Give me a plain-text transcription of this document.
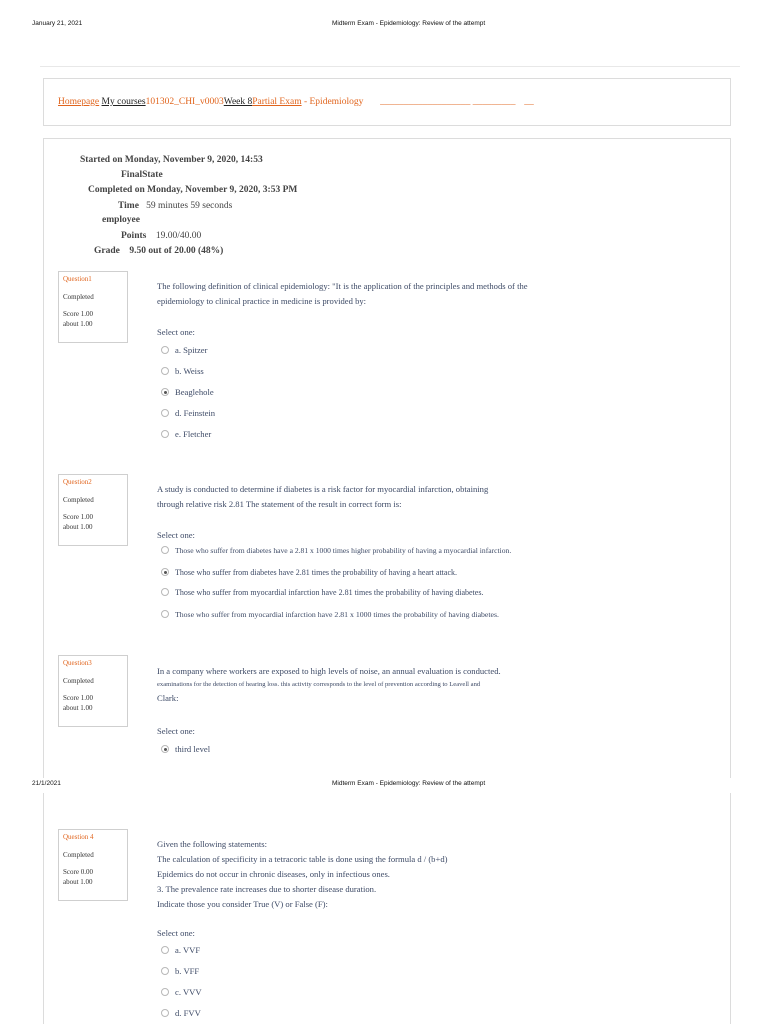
January 21, 2021	Midterm Exam - Epidemiology: Review of the attempt
Homepage My courses101302_CHI_v0003Week 8Partial Exam - Epidemiology ___________________ _________ __
Started on Monday, November 9, 2020, 14:53
FinalState
Completed on Monday, November 9, 2020, 3:53 PM
Time 59 minutes 59 seconds
employee
Points 19.00/40.00
Grade 9.50 out of 20.00 (48%)
Question1
Completed
Score 1.00
about 1.00
The following definition of clinical epidemiology: "It is the application of the principles and methods of the
epidemiology to clinical practice in medicine is provided by:
Select one:
a. Spitzer
b. Weiss
Beaglehole
d. Feinstein
e. Fletcher
Question2
Completed
Score 1.00
about 1.00
A study is conducted to determine if diabetes is a risk factor for myocardial infarction, obtaining
through relative risk 2.81 The statement of the result in correct form is:
Select one:
Those who suffer from diabetes have a 2.81 x 1000 times higher probability of having a myocardial infarction.
Those who suffer from diabetes have 2.81 times the probability of having a heart attack.
Those who suffer from myocardial infarction have 2.81 times the probability of having diabetes.
Those who suffer from myocardial infarction have 2.81 x 1000 times the probability of having diabetes.
Question3
Completed
Score 1.00
about 1.00
In a company where workers are exposed to high levels of noise, an annual evaluation is conducted.
examinations for the detection of hearing loss. this activity corresponds to the level of prevention according to Leavell and
Clark:
Select one:
third level
21/1/2021	Midterm Exam - Epidemiology: Review of the attempt
Question 4
Completed
Score 0.00
about 1.00
Given the following statements:
The calculation of specificity in a tetracoric table is done using the formula d / (b+d)
Epidemics do not occur in chronic diseases, only in infectious ones.
3. The prevalence rate increases due to shorter disease duration.
Indicate those you consider True (V) or False (F):
Select one:
a. VVF
b. VFF
c. VVV
d. FVV
